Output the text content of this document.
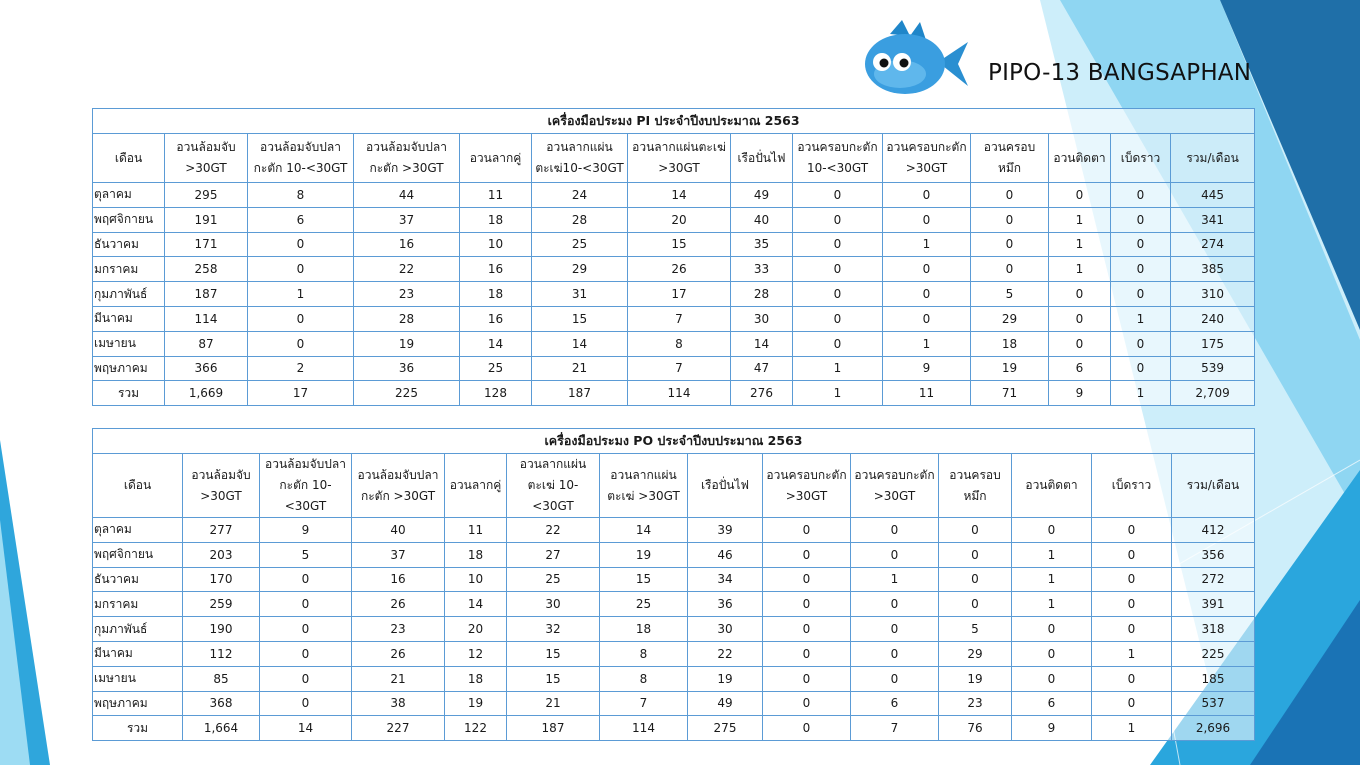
PIPO-13 BANGSAPHAN
เครื่องมือประมง PI ประจำปีงบประมาณ 2563													
เดือน	อวนล้อมจับ >30GT	อวนล้อมจับปลากะตัก 10-<30GT	อวนล้อมจับปลากะตัก >30GT	อวนลากคู่	อวนลากแผ่นตะเฆ่10-<30GT	อวนลากแผ่นตะเฆ่ >30GT	เรือปั่นไฟ	อวนครอบกะตัก 10-<30GT	อวนครอบกะตัก >30GT	อวนครอบหมึก	อวนติดตา	เบ็ดราว	รวม/เดือน
ตุลาคม	295	8	44	11	24	14	49	0	0	0	0	0	445
พฤศจิกายน	191	6	37	18	28	20	40	0	0	0	1	0	341
ธันวาคม	171	0	16	10	25	15	35	0	1	0	1	0	274
มกราคม	258	0	22	16	29	26	33	0	0	0	1	0	385
กุมภาพันธ์	187	1	23	18	31	17	28	0	0	5	0	0	310
มีนาคม	114	0	28	16	15	7	30	0	0	29	0	1	240
เมษายน	87	0	19	14	14	8	14	0	1	18	0	0	175
พฤษภาคม	366	2	36	25	21	7	47	1	9	19	6	0	539
รวม	1,669	17	225	128	187	114	276	1	11	71	9	1	2,709
เครื่องมือประมง PO ประจำปีงบประมาณ 2563													
เดือน	อวนล้อมจับ >30GT	อวนล้อมจับปลากะตัก 10-<30GT	อวนล้อมจับปลากะตัก >30GT	อวนลากคู่	อวนลากแผ่นตะเฆ่ 10-<30GT	อวนลากแผ่นตะเฆ่ >30GT	เรือปั่นไฟ	อวนครอบกะตัก >30GT	อวนครอบกะตัก >30GT	อวนครอบหมึก	อวนติดตา	เบ็ดราว	รวม/เดือน
ตุลาคม	277	9	40	11	22	14	39	0	0	0	0	0	412
พฤศจิกายน	203	5	37	18	27	19	46	0	0	0	1	0	356
ธันวาคม	170	0	16	10	25	15	34	0	1	0	1	0	272
มกราคม	259	0	26	14	30	25	36	0	0	0	1	0	391
กุมภาพันธ์	190	0	23	20	32	18	30	0	0	5	0	0	318
มีนาคม	112	0	26	12	15	8	22	0	0	29	0	1	225
เมษายน	85	0	21	18	15	8	19	0	0	19	0	0	185
พฤษภาคม	368	0	38	19	21	7	49	0	6	23	6	0	537
รวม	1,664	14	227	122	187	114	275	0	7	76	9	1	2,696
